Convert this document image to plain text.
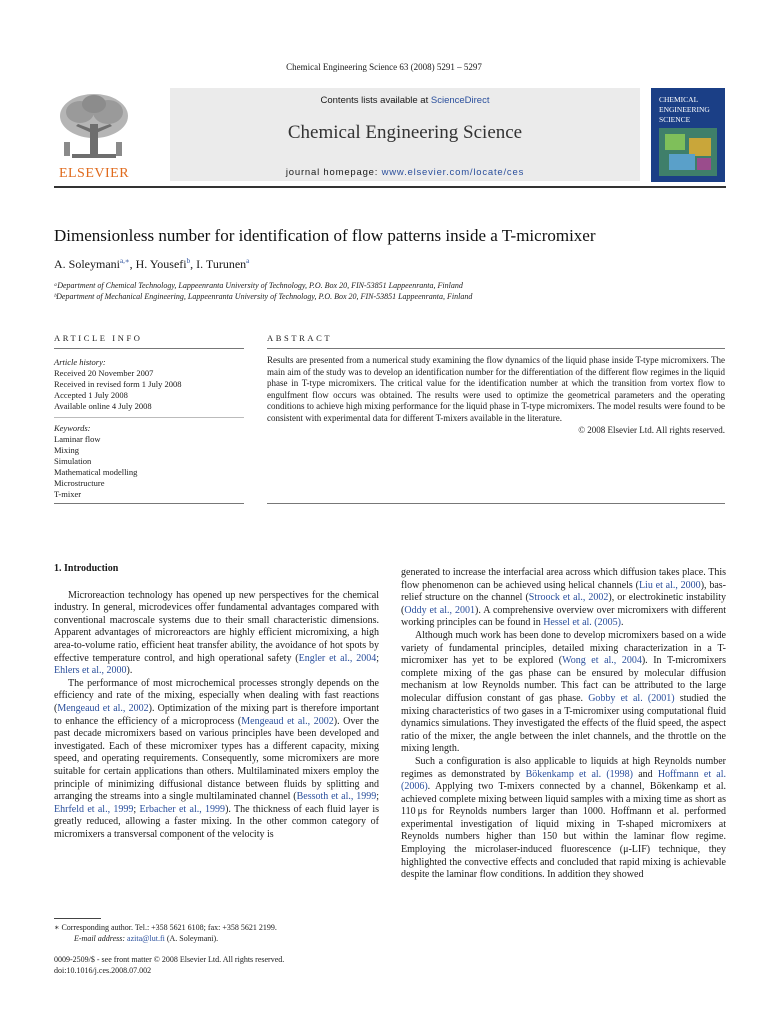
Chemical Engineering Science 63 (2008) 5291 – 5297
ELSEVIER
Contents lists available at ScienceDirect
Chemical Engineering Science
journal homepage: www.elsevier.com/locate/ces
CHEMICAL
ENGINEERING
SCIENCE
Dimensionless number for identification of flow patterns inside a T-micromixer
A. Soleymani$^{a,∗}$, H. Yousefi$^b$, I. Turunen$^a$
ᵃDepartment of Chemical Technology, Lappeenranta University of Technology, P.O. Box 20, FIN-53851 Lappeenranta, Finland
ᵇDepartment of Mechanical Engineering, Lappeenranta University of Technology, P.O. Box 20, FIN-53851 Lappeenranta, Finland
ARTICLE INFO
Article history:
Received 20 November 2007
Received in revised form 1 July 2008
Accepted 1 July 2008
Available online 4 July 2008
Keywords:
Laminar flow
Mixing
Simulation
Mathematical modelling
Microstructure
T-mixer
ABSTRACT
Results are presented from a numerical study examining the flow dynamics of the liquid phase inside T-type micromixers. The main aim of the study was to develop an identification number for the differentiation of the different flow regimes in the liquid phase in T-type micromixers. The critical value for the identification number at which the transition from vortex flow to engulfment flow occurs was obtained. The results were used to optimize the geometrical parameters and the operating conditions to achieve high mixing performance for the liquid phase in T-type micromixers. The model results were found to be consistent with experimental data for different T-mixers available in the literature.
© 2008 Elsevier Ltd. All rights reserved.
1. Introduction

Microreaction technology has opened up new perspectives for the chemical industry. In general, microdevices offer fundamental advantages compared with conventional macroscale systems due to their small characteristic dimensions. Apparent advantages of microreactors are highly efficient micromixing, a high area-to-volume ratio, efficient heat transfer ability, the avoidance of hot spots by effective temperature control, and high operational safety (Engler et al., 2004; Ehlers et al., 2000).

The performance of most microchemical processes strongly depends on the efficiency and rate of the mixing, especially when dealing with fast reactions (Mengeaud et al., 2002). Optimization of the mixing part is therefore important to enhance the efficiency of a microprocess (Mengeaud et al., 2002). Over the past decade micromixers based on various principles have been developed and investigated. Each of these micromixer types has a different capacity, mixing speed, and operating requirements. Consequently, some micromixers are more suitable for certain applications than others. Multilaminated mixers employ the principle of minimizing diffusional distance between fluids by splitting and arranging the streams into a single multilaminated channel (Bessoth et al., 1999; Ehrfeld et al., 1999; Erbacher et al., 1999). The thickness of each fluid layer is greatly reduced, allowing a faster mixing. In the other common category of micromixers a transversal component of the velocity is

generated to increase the interfacial area across which diffusion takes place. This flow phenomenon can be achieved using helical channels (Liu et al., 2000), bas-relief structure on the channel (Stroock et al., 2002), or electrokinetic instability (Oddy et al., 2001). A comprehensive overview over micromixers with different working principles can be found in Hessel et al. (2005).

Although much work has been done to develop micromixers based on a wide variety of fundamental principles, detailed mixing characterization in a T-micromixer has yet to be explored (Wong et al., 2004). In T-micromixers complete mixing of the gas phase can be ensured by molecular diffusion mechanism at low Reynolds number. This fact can be attributed to the large molecular diffusion constant of gas phase. Gobby et al. (2001) studied the mixing characteristics of two gases in a T-micromixer using computational fluid dynamics simulations. They investigated the effects of the fluid speed, the aspect ratio of the mixer, the angle between the inlet channels, and the throttle on the mixing length.

Such a configuration is also applicable to liquids at high Reynolds number regimes as demonstrated by Bökenkamp et al. (1998) and Hoffmann et al. (2006). Applying two T-mixers connected by a channel, Bökenkamp et al. achieved complete mixing between liquid samples with a mixing time as short as 110 μs for Reynolds numbers larger than 1000. Hoffmann et al. performed experimental investigation of liquid mixing in T-shaped micromixers at Reynolds numbers higher than 150 but within the laminar flow regime. Employing the microlaser-induced fluorescence (μ-LIF) technique, they highlighted the convective effects and concluded that rapid mixing is achievable despite the laminar flow conditions. In addition they showed

∗ Corresponding author. Tel.: +358 5621 6108; fax: +358 5621 2199.
E-mail address: azita@lut.fi (A. Soleymani).
0009-2509/$ - see front matter © 2008 Elsevier Ltd. All rights reserved.
doi:10.1016/j.ces.2008.07.002
